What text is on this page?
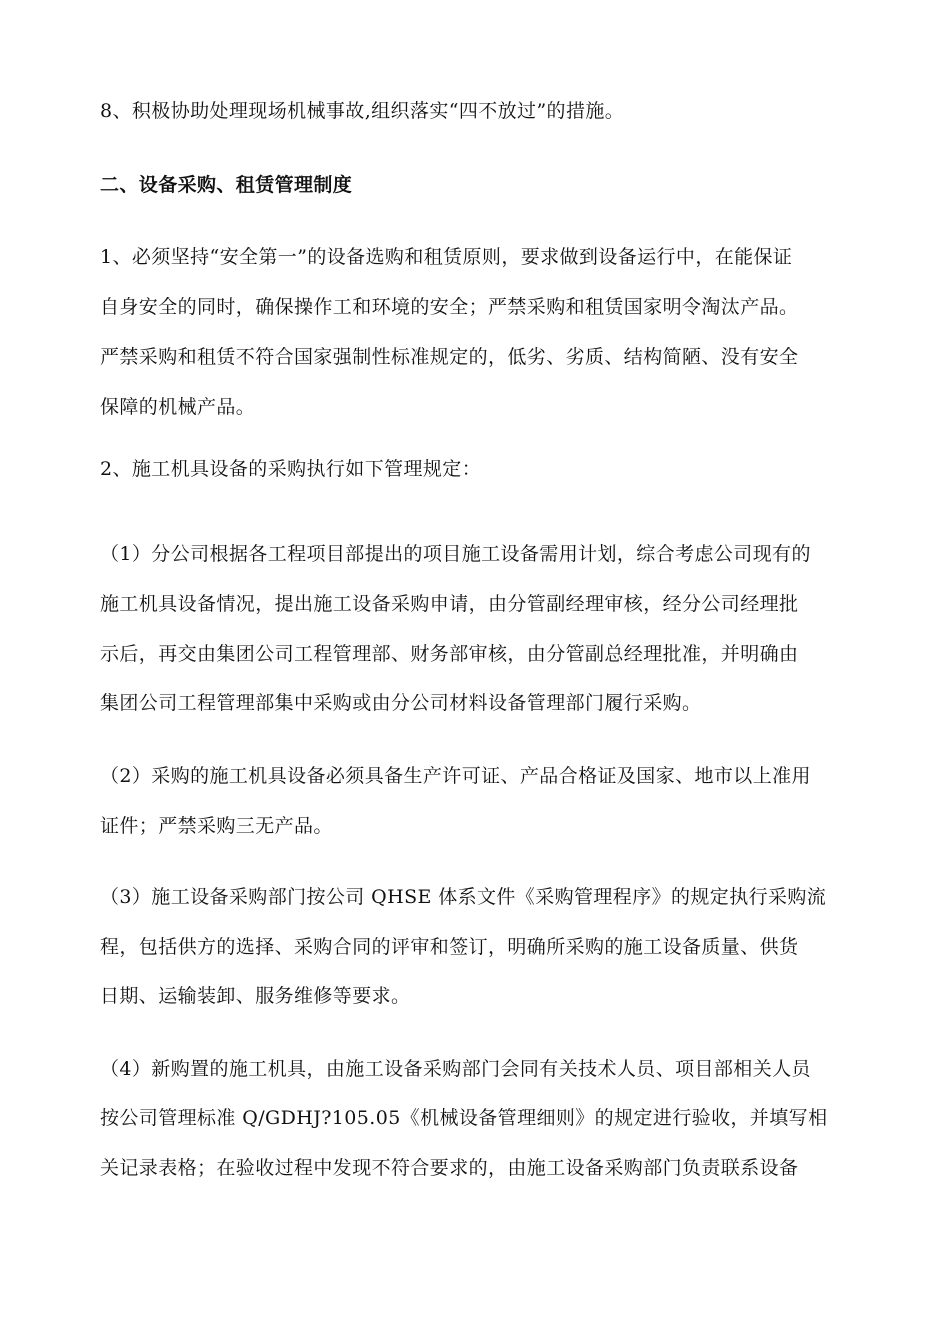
8、积极协助处理现场机械事故,组织落实“四不放过”的措施。
二、设备采购、租赁管理制度
1、必须坚持“安全第一”的设备选购和租赁原则，要求做到设备运行中，在能保证
自身安全的同时，确保操作工和环境的安全；严禁采购和租赁国家明令淘汰产品。
严禁采购和租赁不符合国家强制性标准规定的，低劣、劣质、结构简陋、没有安全
保障的机械产品。
2、施工机具设备的采购执行如下管理规定：
（1）分公司根据各工程项目部提出的项目施工设备需用计划，综合考虑公司现有的
施工机具设备情况，提出施工设备采购申请，由分管副经理审核，经分公司经理批
示后，再交由集团公司工程管理部、财务部审核，由分管副总经理批准，并明确由
集团公司工程管理部集中采购或由分公司材料设备管理部门履行采购。
（2）采购的施工机具设备必须具备生产许可证、产品合格证及国家、地市以上准用
证件；严禁采购三无产品。
（3）施工设备采购部门按公司 QHSE 体系文件《采购管理程序》的规定执行采购流
程，包括供方的选择、采购合同的评审和签订，明确所采购的施工设备质量、供货
日期、运输装卸、服务维修等要求。
（4）新购置的施工机具，由施工设备采购部门会同有关技术人员、项目部相关人员
按公司管理标准 Q/GDHJ?105.05《机械设备管理细则》的规定进行验收，并填写相
关记录表格；在验收过程中发现不符合要求的，由施工设备采购部门负责联系设备
